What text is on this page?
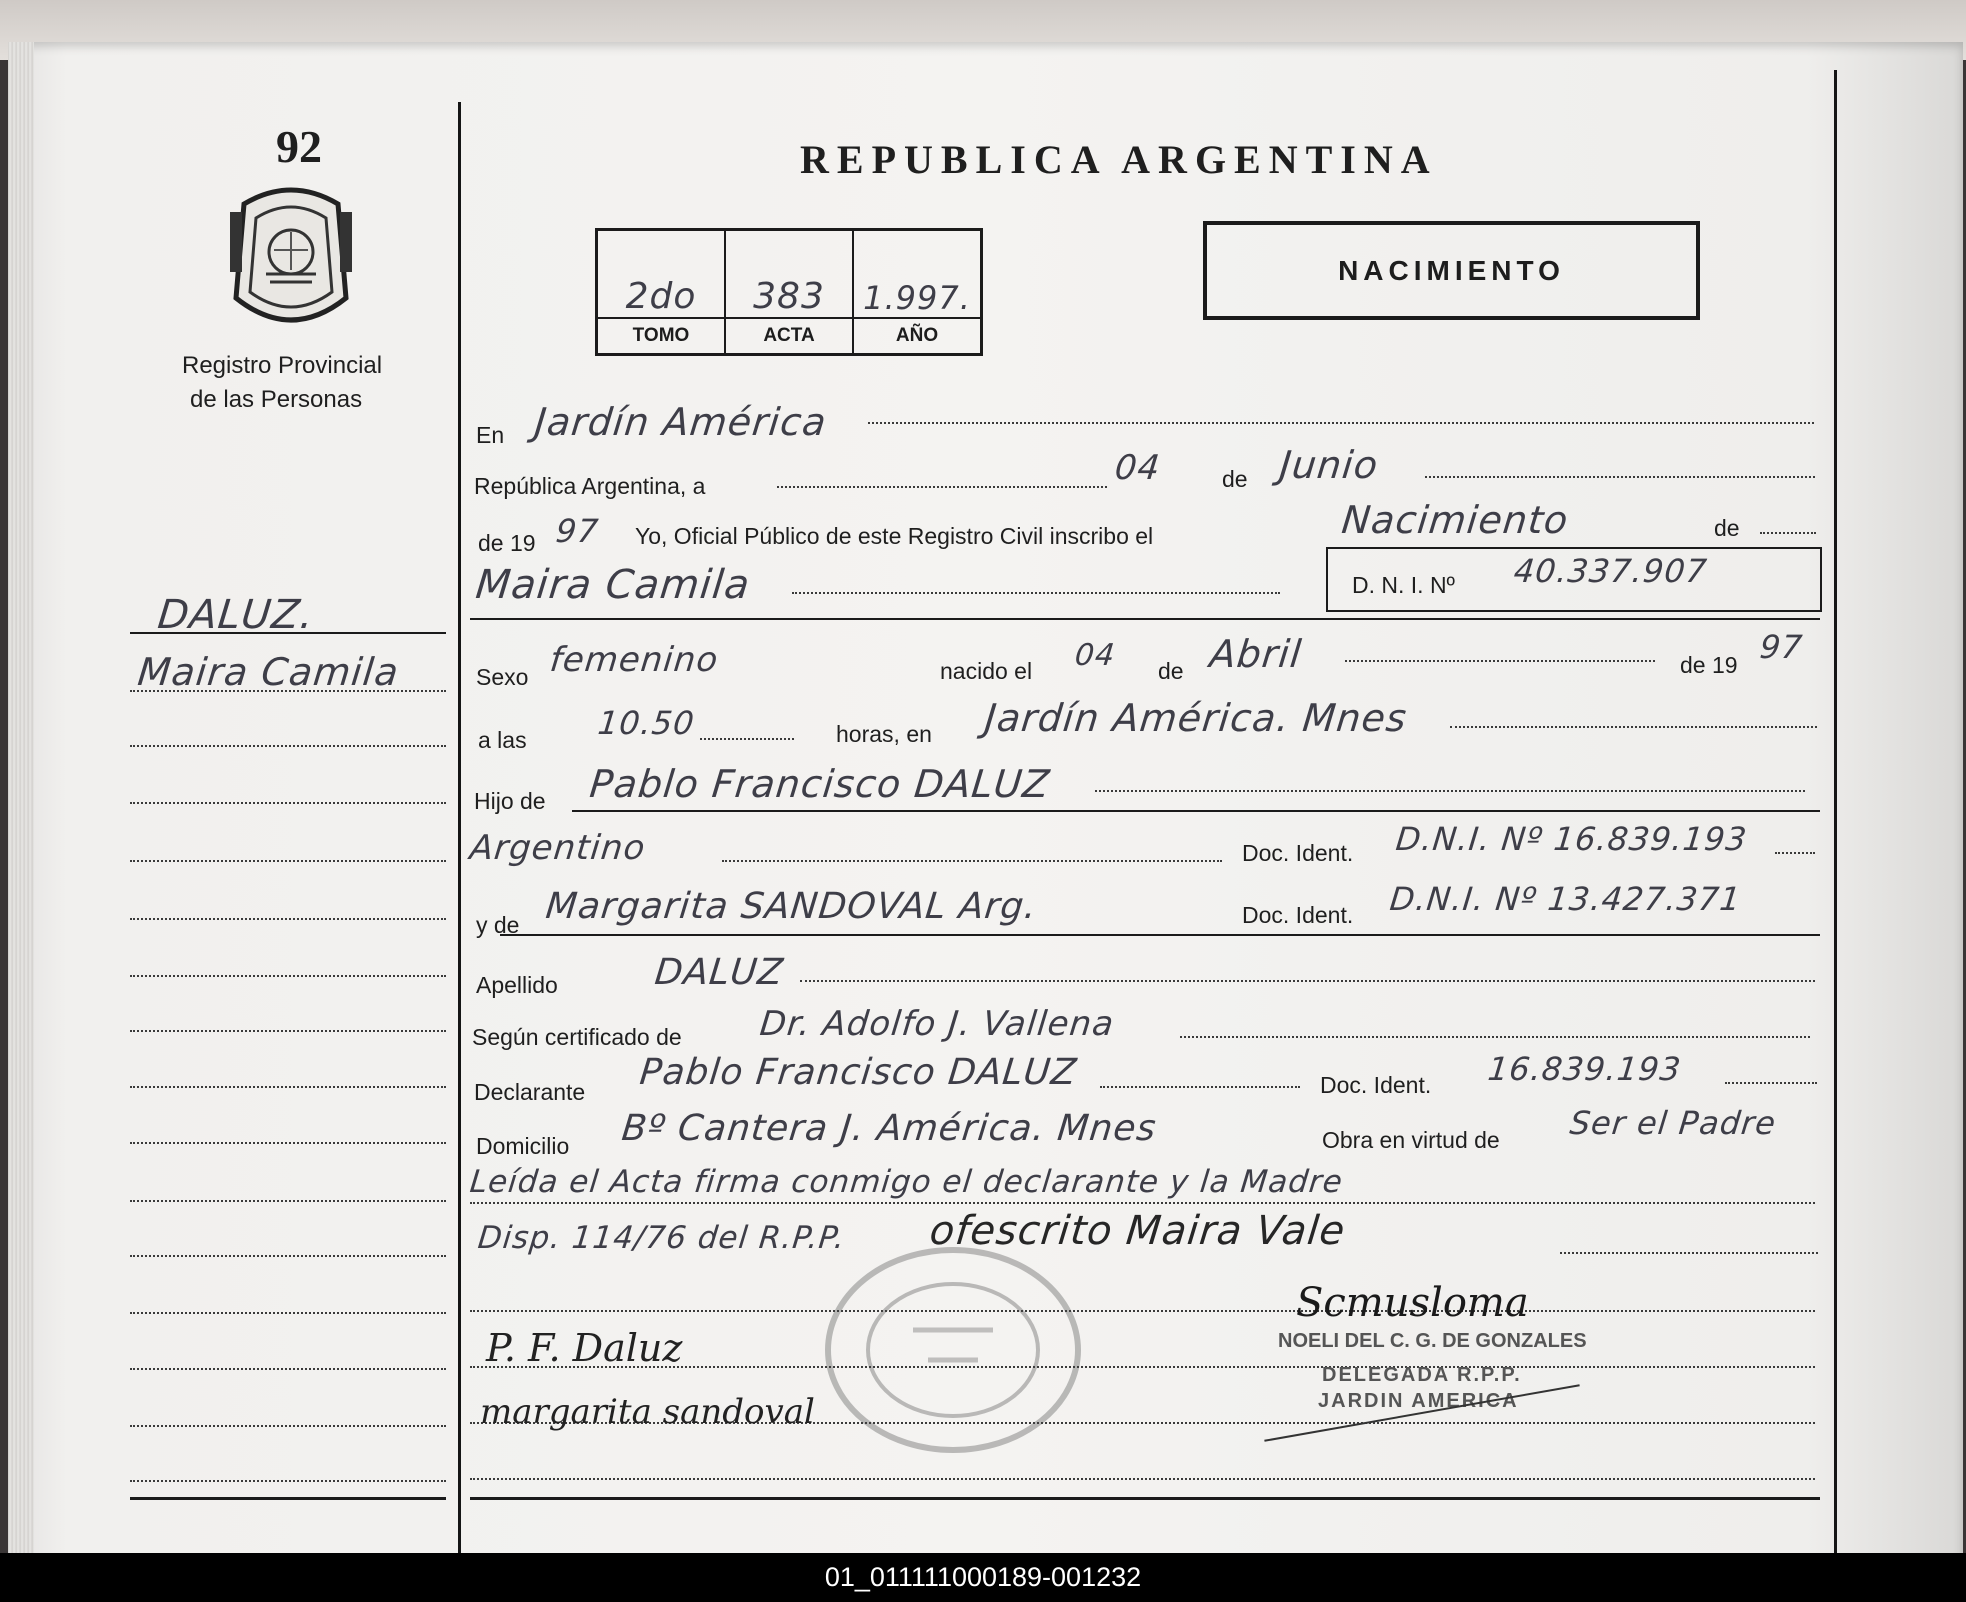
92
Registro Provincial
de las Personas
REPUBLICA ARGENTINA
2do	383	1.997.
TOMO	ACTA	AÑO
NACIMIENTO
DALUZ.
Maira Camila
En Jardín América
República Argentina, a	04	de Junio
de 19 97 Yo, Oficial Público de este Registro Civil inscribo el	Nacimiento	de
Maira Camila	D. N. I. Nº 40.337.907
Sexo femenino	nacido el 04 de Abril	de 19 97
a las 10.50	horas, en Jardín América. Mnes
Hijo de Pablo Francisco DALUZ
Argentino	Doc. Ident. D.N.I. Nº 16.839.193
y de Margarita SANDOVAL Arg.	Doc. Ident. D.N.I. Nº 13.427.371
Apellido	DALUZ
Según certificado de Dr. Adolfo J. Vallena
Declarante Pablo Francisco DALUZ	Doc. Ident. 16.839.193
Domicilio Bº Cantera J. América. Mnes	Obra en virtud de Ser el Padre
Leída el Acta firma conmigo el declarante y la Madre
Disp. 114/76 del R.P.P. ofescrito Maira Vale
P. F. Daluz
margarita sandoval
Scmusloma
NOELI DEL C. G. DE GONZALES
DELEGADA R.P.P.
JARDIN AMERICA
01_011111000189-001232
